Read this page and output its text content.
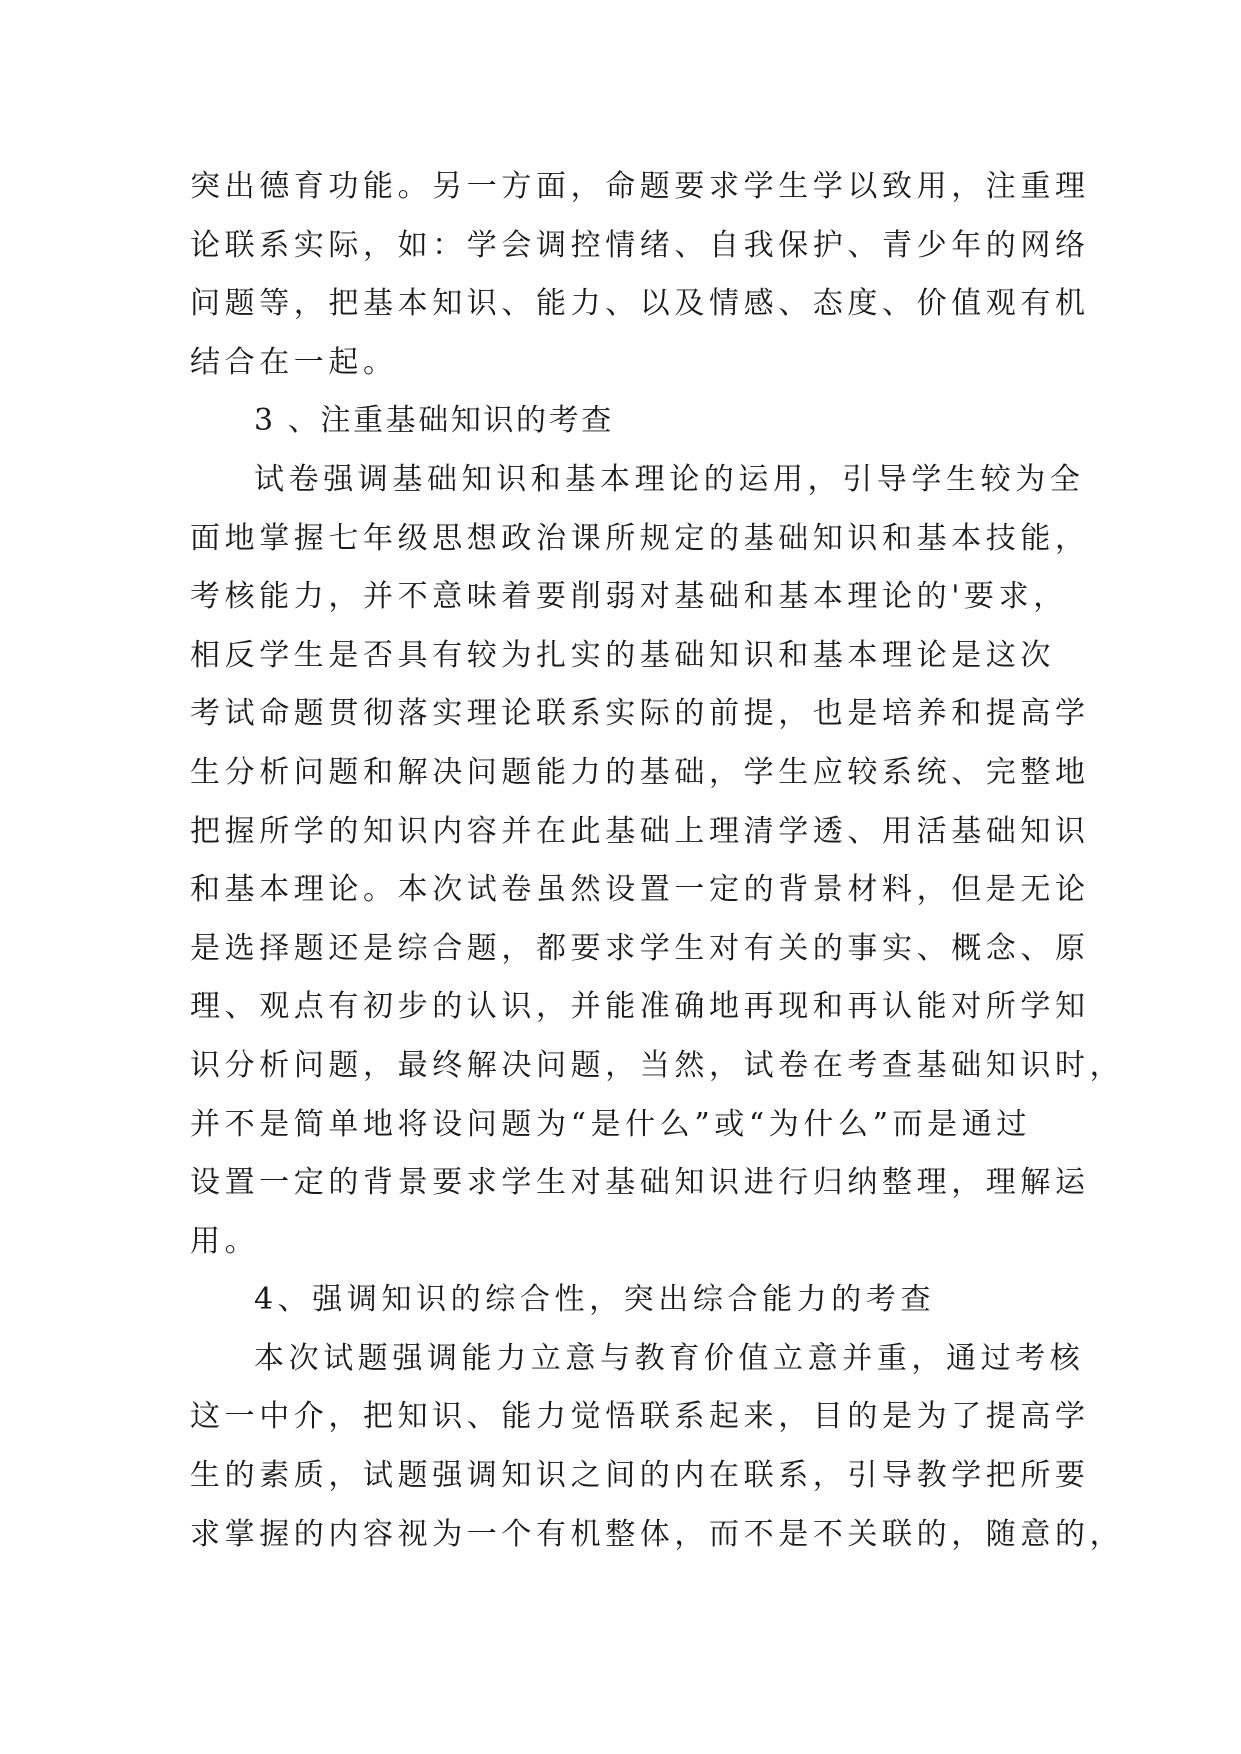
突出德育功能。另一方面，命题要求学生学以致用，注重理
论联系实际，如：学会调控情绪、自我保护、青少年的网络
问题等，把基本知识、能力、以及情感、态度、价值观有机
结合在一起。
3 、注重基础知识的考查
试卷强调基础知识和基本理论的运用，引导学生较为全
面地掌握七年级思想政治课所规定的基础知识和基本技能，
考核能力，并不意味着要削弱对基础和基本理论的'要求，
相反学生是否具有较为扎实的基础知识和基本理论是这次
考试命题贯彻落实理论联系实际的前提，也是培养和提高学
生分析问题和解决问题能力的基础，学生应较系统、完整地
把握所学的知识内容并在此基础上理清学透、用活基础知识
和基本理论。本次试卷虽然设置一定的背景材料，但是无论
是选择题还是综合题，都要求学生对有关的事实、概念、原
理、观点有初步的认识，并能准确地再现和再认能对所学知
识分析问题，最终解决问题，当然，试卷在考查基础知识时，
并不是简单地将设问题为“是什么”或“为什么”而是通过
设置一定的背景要求学生对基础知识进行归纳整理，理解运
用。
4、强调知识的综合性，突出综合能力的考查
本次试题强调能力立意与教育价值立意并重，通过考核
这一中介，把知识、能力觉悟联系起来，目的是为了提高学
生的素质，试题强调知识之间的内在联系，引导教学把所要
求掌握的内容视为一个有机整体，而不是不关联的，随意的，
